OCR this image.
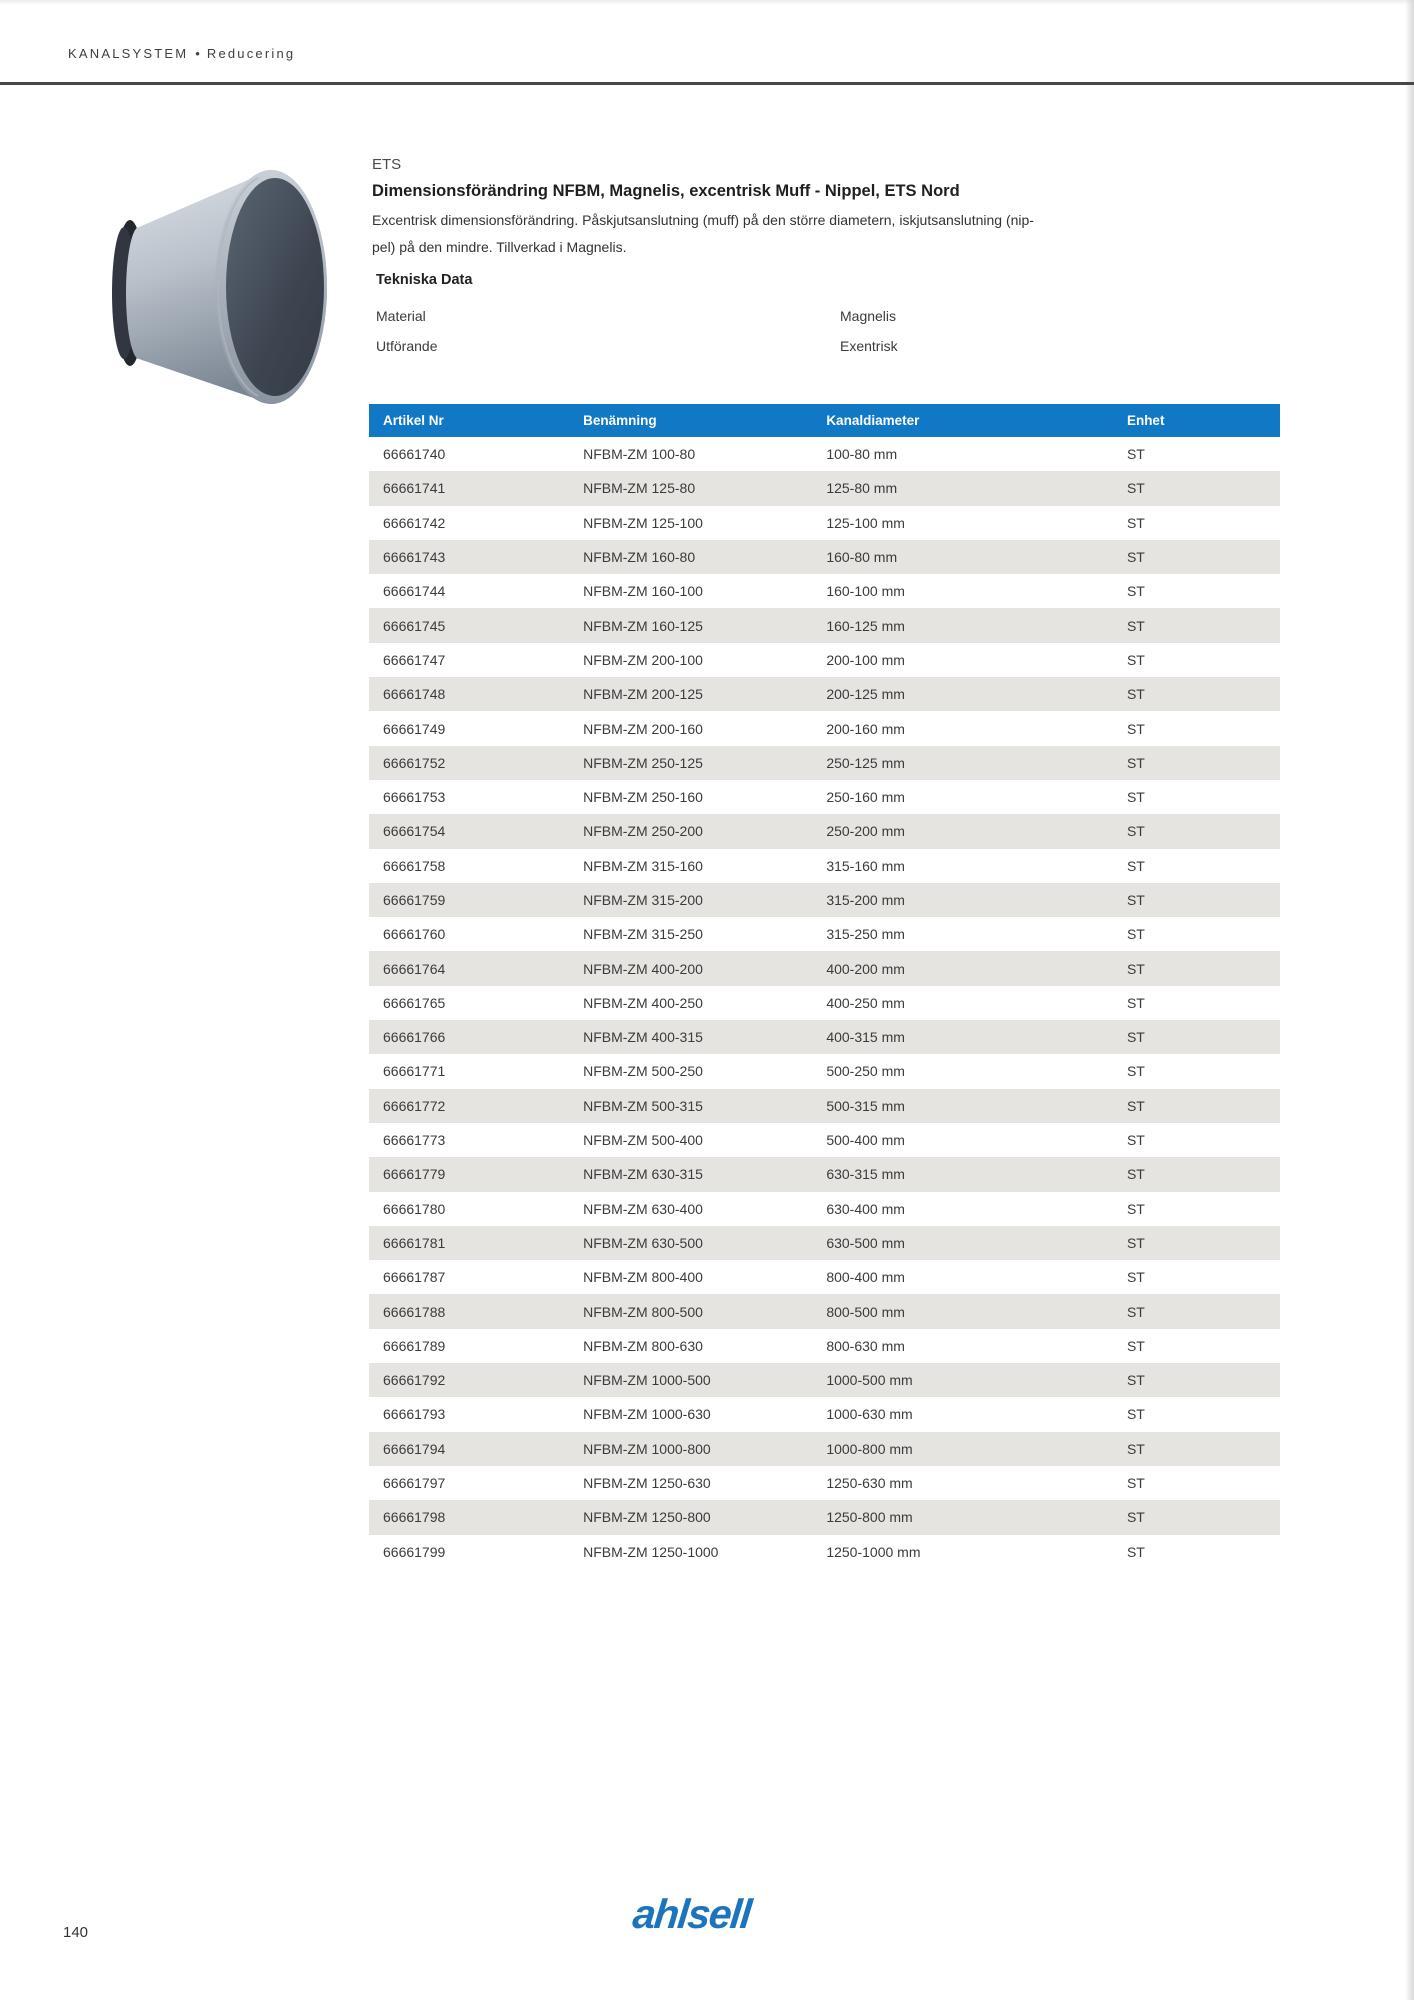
KANALSYSTEM • Reducering
ETS
Dimensionsförändring NFBM, Magnelis, excentrisk Muff - Nippel, ETS Nord
Excentrisk dimensionsförändring. Påskjutsanslutning (muff) på den större diametern, iskjutsanslutning (nip-
pel) på den mindre. Tillverkad i Magnelis.
Tekniska Data
Material	Magnelis
Utförande	Exentrisk
Artikel Nr	Benämning	Kanaldiameter	Enhet
66661740	NFBM-ZM 100-80	100-80 mm	ST
66661741	NFBM-ZM 125-80	125-80 mm	ST
66661742	NFBM-ZM 125-100	125-100 mm	ST
66661743	NFBM-ZM 160-80	160-80 mm	ST
66661744	NFBM-ZM 160-100	160-100 mm	ST
66661745	NFBM-ZM 160-125	160-125 mm	ST
66661747	NFBM-ZM 200-100	200-100 mm	ST
66661748	NFBM-ZM 200-125	200-125 mm	ST
66661749	NFBM-ZM 200-160	200-160 mm	ST
66661752	NFBM-ZM 250-125	250-125 mm	ST
66661753	NFBM-ZM 250-160	250-160 mm	ST
66661754	NFBM-ZM 250-200	250-200 mm	ST
66661758	NFBM-ZM 315-160	315-160 mm	ST
66661759	NFBM-ZM 315-200	315-200 mm	ST
66661760	NFBM-ZM 315-250	315-250 mm	ST
66661764	NFBM-ZM 400-200	400-200 mm	ST
66661765	NFBM-ZM 400-250	400-250 mm	ST
66661766	NFBM-ZM 400-315	400-315 mm	ST
66661771	NFBM-ZM 500-250	500-250 mm	ST
66661772	NFBM-ZM 500-315	500-315 mm	ST
66661773	NFBM-ZM 500-400	500-400 mm	ST
66661779	NFBM-ZM 630-315	630-315 mm	ST
66661780	NFBM-ZM 630-400	630-400 mm	ST
66661781	NFBM-ZM 630-500	630-500 mm	ST
66661787	NFBM-ZM 800-400	800-400 mm	ST
66661788	NFBM-ZM 800-500	800-500 mm	ST
66661789	NFBM-ZM 800-630	800-630 mm	ST
66661792	NFBM-ZM 1000-500	1000-500 mm	ST
66661793	NFBM-ZM 1000-630	1000-630 mm	ST
66661794	NFBM-ZM 1000-800	1000-800 mm	ST
66661797	NFBM-ZM 1250-630	1250-630 mm	ST
66661798	NFBM-ZM 1250-800	1250-800 mm	ST
66661799	NFBM-ZM 1250-1000	1250-1000 mm	ST
140	ahlsell
